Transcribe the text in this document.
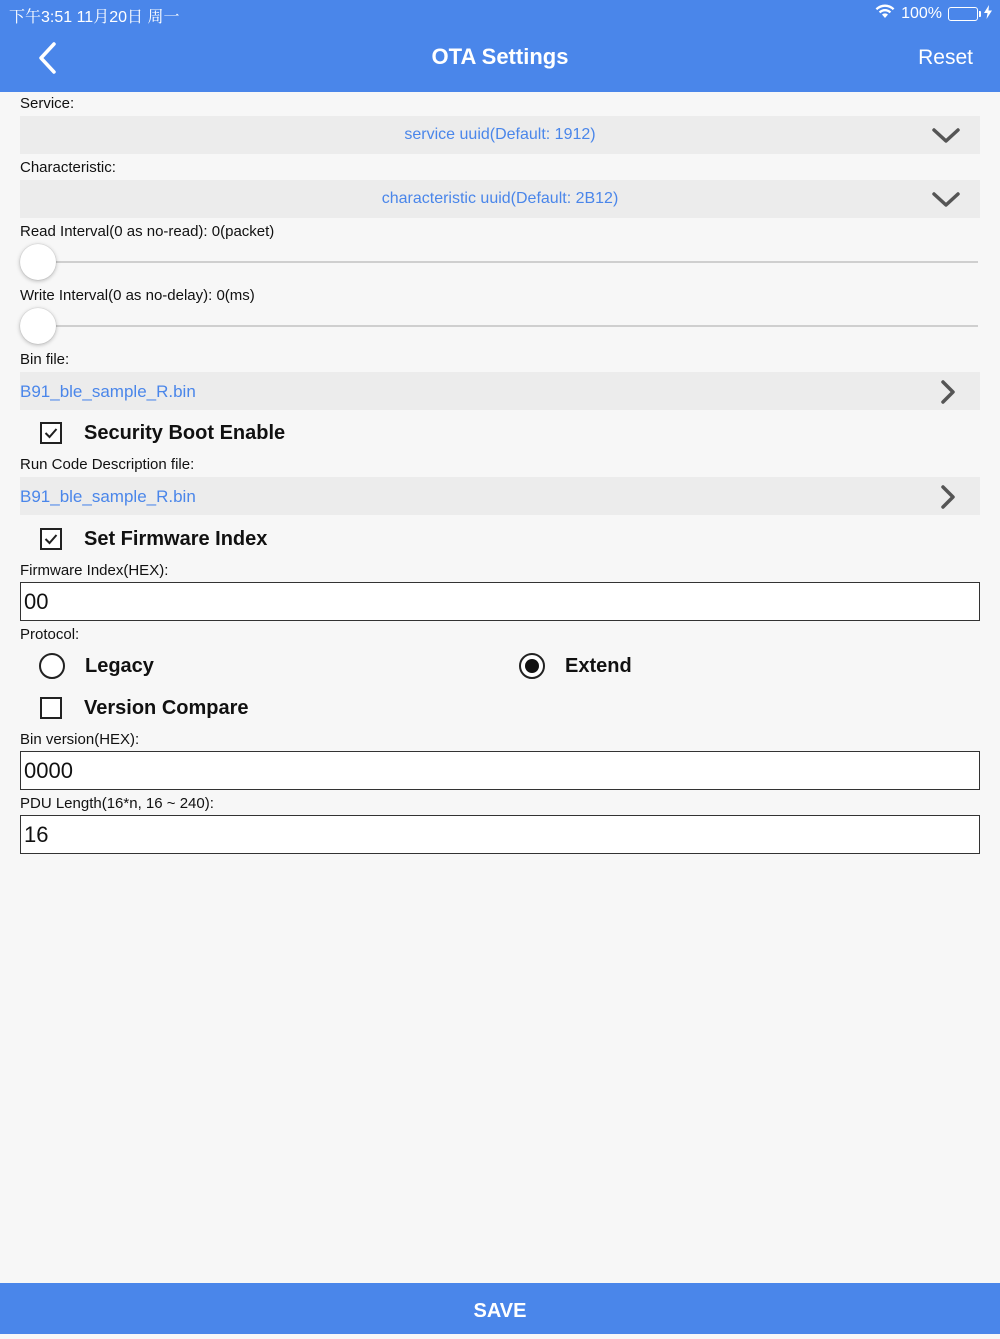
下午3:51 11月20日 周一	100%
OTA Settings	Reset
Service:
service uuid(Default: 1912)
Characteristic:
characteristic uuid(Default: 2B12)
Read Interval(0 as no-read): 0(packet)
Write Interval(0 as no-delay): 0(ms)
Bin file:
B91_ble_sample_R.bin
Security Boot Enable
Run Code Description file:
B91_ble_sample_R.bin
Set Firmware Index
Firmware Index(HEX):
00
Protocol:
Legacy	Extend
Version Compare
Bin version(HEX):
0000
PDU Length(16*n, 16 ~ 240):
16
SAVE
